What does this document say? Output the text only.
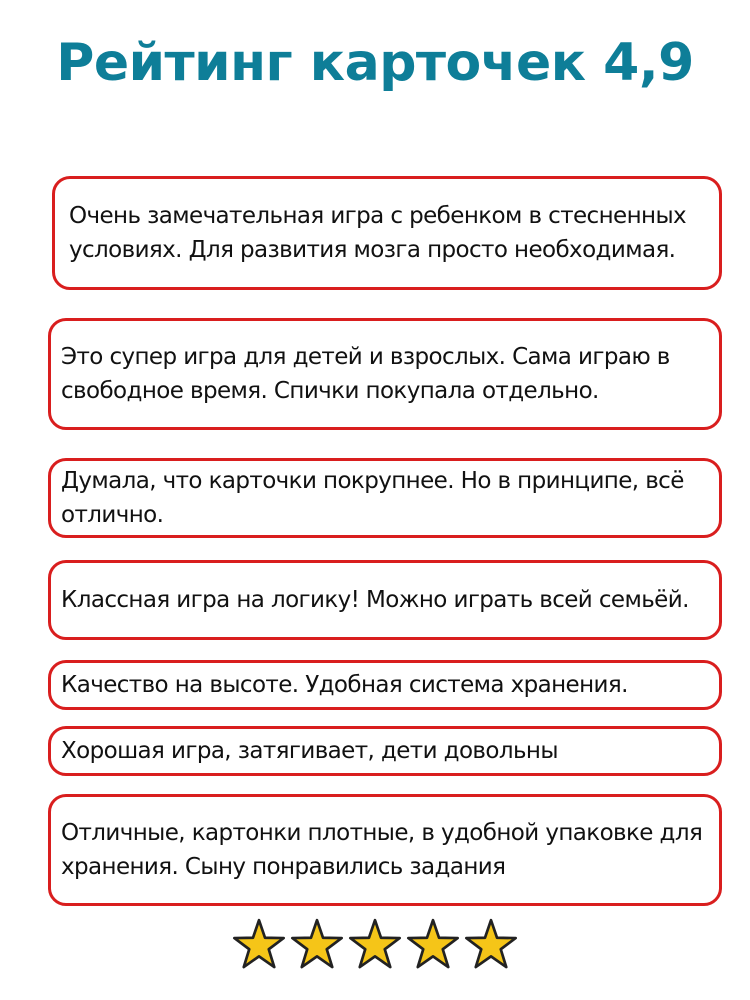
Рейтинг карточек 4,9
Очень замечательная игра с ребенком в стесненных условиях. Для развития мозга просто необходимая.
Это супер игра для детей и взрослых. Сама играю в свободное время. Спички покупала отдельно.
Думала, что карточки покрупнее. Но в принципе, всё отлично.
Классная игра на логику! Можно играть всей семьёй.
Качество на высоте. Удобная система хранения.
Хорошая игра, затягивает, дети довольны
Отличные, картонки плотные, в удобной упаковке для хранения. Сыну понравились задания
